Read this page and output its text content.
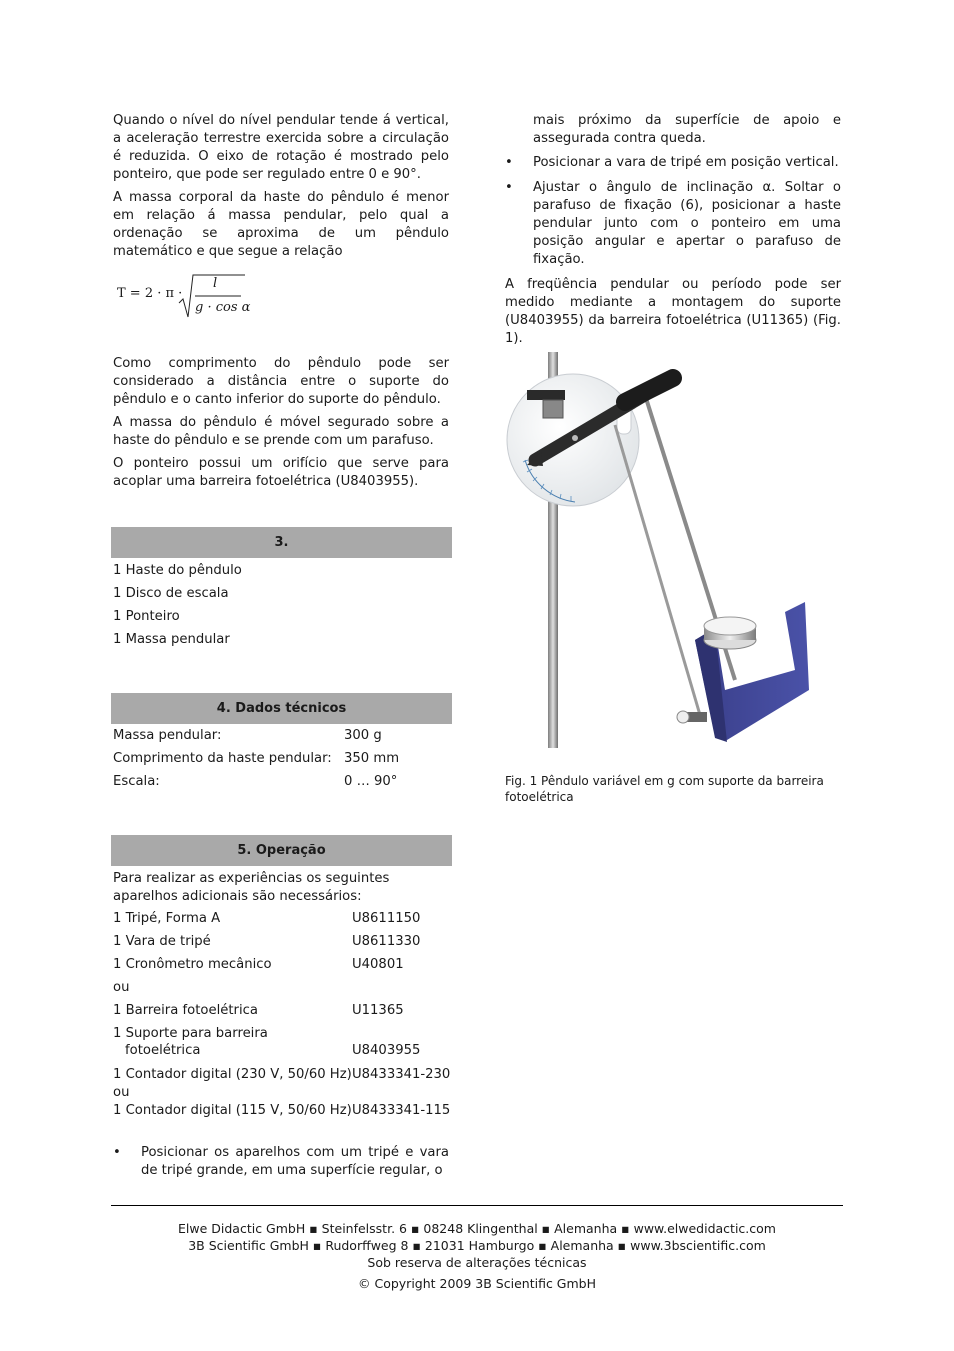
Quando o nível do nível pendular tende á vertical, a aceleração terrestre exercida sobre a circulação é reduzida. O eixo de rotação é mostrado pelo ponteiro, que pode ser regulado entre 0 e 90°.

A massa corporal da haste do pêndulo é menor em relação á massa pendular, pelo qual a ordenação se aproxima de um pêndulo matemático e que segue a relação

T = 2 · π ·
l
g · cos α

Como comprimento do pêndulo pode ser considerado a distância entre o suporte do pêndulo e o canto inferior do suporte do pêndulo.

A massa do pêndulo é móvel segurado sobre a haste do pêndulo e se prende com um parafuso.

O ponteiro possui um orifício que serve para acoplar uma barreira fotoelétrica (U8403955).

3.
1 Haste do pêndulo
1 Disco de escala
1 Ponteiro
1 Massa pendular
4. Dados técnicos
Massa pendular:	300 g
Comprimento da haste pendular: 350 mm
Escala:	0 … 90°
5. Operação

Para realizar as experiências os seguintes aparelhos adicionais são necessários:

1 Tripé, Forma A	U8611150
1 Vara de tripé	U8611330
1 Cronômetro mecânico	U40801
ou
1 Barreira fotoelétrica	U11365
1 Suporte para barreira
fotoelétrica	U8403955
1 Contador digital (230 V, 50/60 Hz) U8433341-230
ou
1 Contador digital (115 V, 50/60 Hz) U8433341-115
• Posicionar os aparelhos com um tripé e vara de tripé grande, em uma superfície regular, o

mais próximo da superfície de apoio e assegurada contra queda.

• Posicionar a vara de tripé em posição vertical.
• Ajustar o ângulo de inclinação α. Soltar o parafuso de fixação (6), posicionar a haste pendular junto com o ponteiro em uma posição angular e apertar o parafuso de fixação.

A freqüência pendular ou período pode ser medido mediante a montagem do suporte (U8403955) da barreira fotoelétrica (U11365) (Fig. 1).

Fig. 1 Pêndulo variável em g com suporte da barreira fotoelétrica
Elwe Didactic GmbH ▪ Steinfelsstr. 6 ▪ 08248 Klingenthal ▪ Alemanha ▪ www.elwedidactic.com
3B Scientific GmbH ▪ Rudorffweg 8 ▪ 21031 Hamburgo ▪ Alemanha ▪ www.3bscientific.com
Sob reserva de alterações técnicas
© Copyright 2009 3B Scientific GmbH
